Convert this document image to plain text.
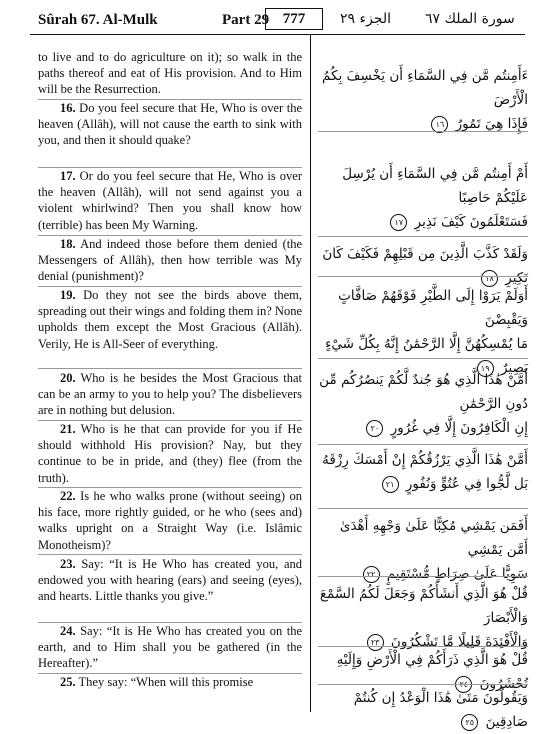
Sûrah 67. Al-Mulk	Part 29 777	الجزء ٢٩ سورة الملك ٦٧

to live and to do agriculture on it); so walk in the paths thereof and eat of His provision. And to Him will be the Resurrection.

16. Do you feel secure that He, Who is over the heaven (Allâh), will not cause the earth to sink with you, and then it should quake?

17. Or do you feel secure that He, Who is over the heaven (Allâh), will not send against you a violent whirlwind? Then you shall know how (terrible) has been My Warning.

18. And indeed those before them denied (the Messengers of Allâh), then how terrible was My denial (punishment)?

19. Do they not see the birds above them, spreading out their wings and folding them in? None upholds them except the Most Gracious (Allâh). Verily, He is All-Seer of everything.

20. Who is he besides the Most Gracious that can be an army to you to help you? The disbelievers are in nothing but delusion.

21. Who is he that can provide for you if He should withhold His provision? Nay, but they continue to be in pride, and (they) flee (from the truth).

22. Is he who walks prone (without seeing) on his face, more rightly guided, or he who (sees and) walks upright on a Straight Way (i.e. Islâmic Monotheism)?

23. Say: “It is He Who has created you, and endowed you with hearing (ears) and seeing (eyes), and hearts. Little thanks you give.”

24. Say: “It is He Who has created you on the earth, and to Him shall you be gathered (in the Hereafter).”

25. They say: “When will this promise

ءَأَمِنتُم مَّن فِي السَّمَاءِ أَن يَخْسِفَ بِكُمُ الْأَرْضَ
فَإِذَا هِيَ تَمُورُ ١٦

أَمْ أَمِنتُم مَّن فِي السَّمَاءِ أَن يُرْسِلَ عَلَيْكُمْ حَاصِبًا
فَسَتَعْلَمُونَ كَيْفَ نَذِيرِ ١٧

وَلَقَدْ كَذَّبَ الَّذِينَ مِن قَبْلِهِمْ فَكَيْفَ كَانَ نَكِيرِ ١٨

أَوَلَمْ يَرَوْا إِلَى الطَّيْرِ فَوْقَهُمْ صَافَّاتٍ وَيَقْبِضْنَ
مَا يُمْسِكُهُنَّ إِلَّا الرَّحْمَٰنُ إِنَّهُ بِكُلِّ شَيْءٍ بَصِيرٌ ١٩

أَمَّنْ هَٰذَا الَّذِي هُوَ جُندٌ لَّكُمْ يَنصُرُكُم مِّن دُونِ الرَّحْمَٰنِ
إِنِ الْكَافِرُونَ إِلَّا فِي غُرُورٍ ٢٠

أَمَّنْ هَٰذَا الَّذِي يَرْزُقُكُمْ إِنْ أَمْسَكَ رِزْقَهُ
بَل لَّجُّوا فِي عُتُوٍّ وَنُفُورٍ ٢١

أَفَمَن يَمْشِي مُكِبًّا عَلَىٰ وَجْهِهِ أَهْدَىٰ أَمَّن يَمْشِي
سَوِيًّا عَلَىٰ صِرَاطٍ مُّسْتَقِيمٍ ٢٢

قُلْ هُوَ الَّذِي أَنشَأَكُمْ وَجَعَلَ لَكُمُ السَّمْعَ وَالْأَبْصَارَ
وَالْأَفْئِدَةَ قَلِيلًا مَّا تَشْكُرُونَ ٢٣

قُلْ هُوَ الَّذِي ذَرَأَكُمْ فِي الْأَرْضِ وَإِلَيْهِ تُحْشَرُونَ ٢٤

وَيَقُولُونَ مَتَىٰ هَٰذَا الْوَعْدُ إِن كُنتُمْ صَادِقِينَ ٢٥
